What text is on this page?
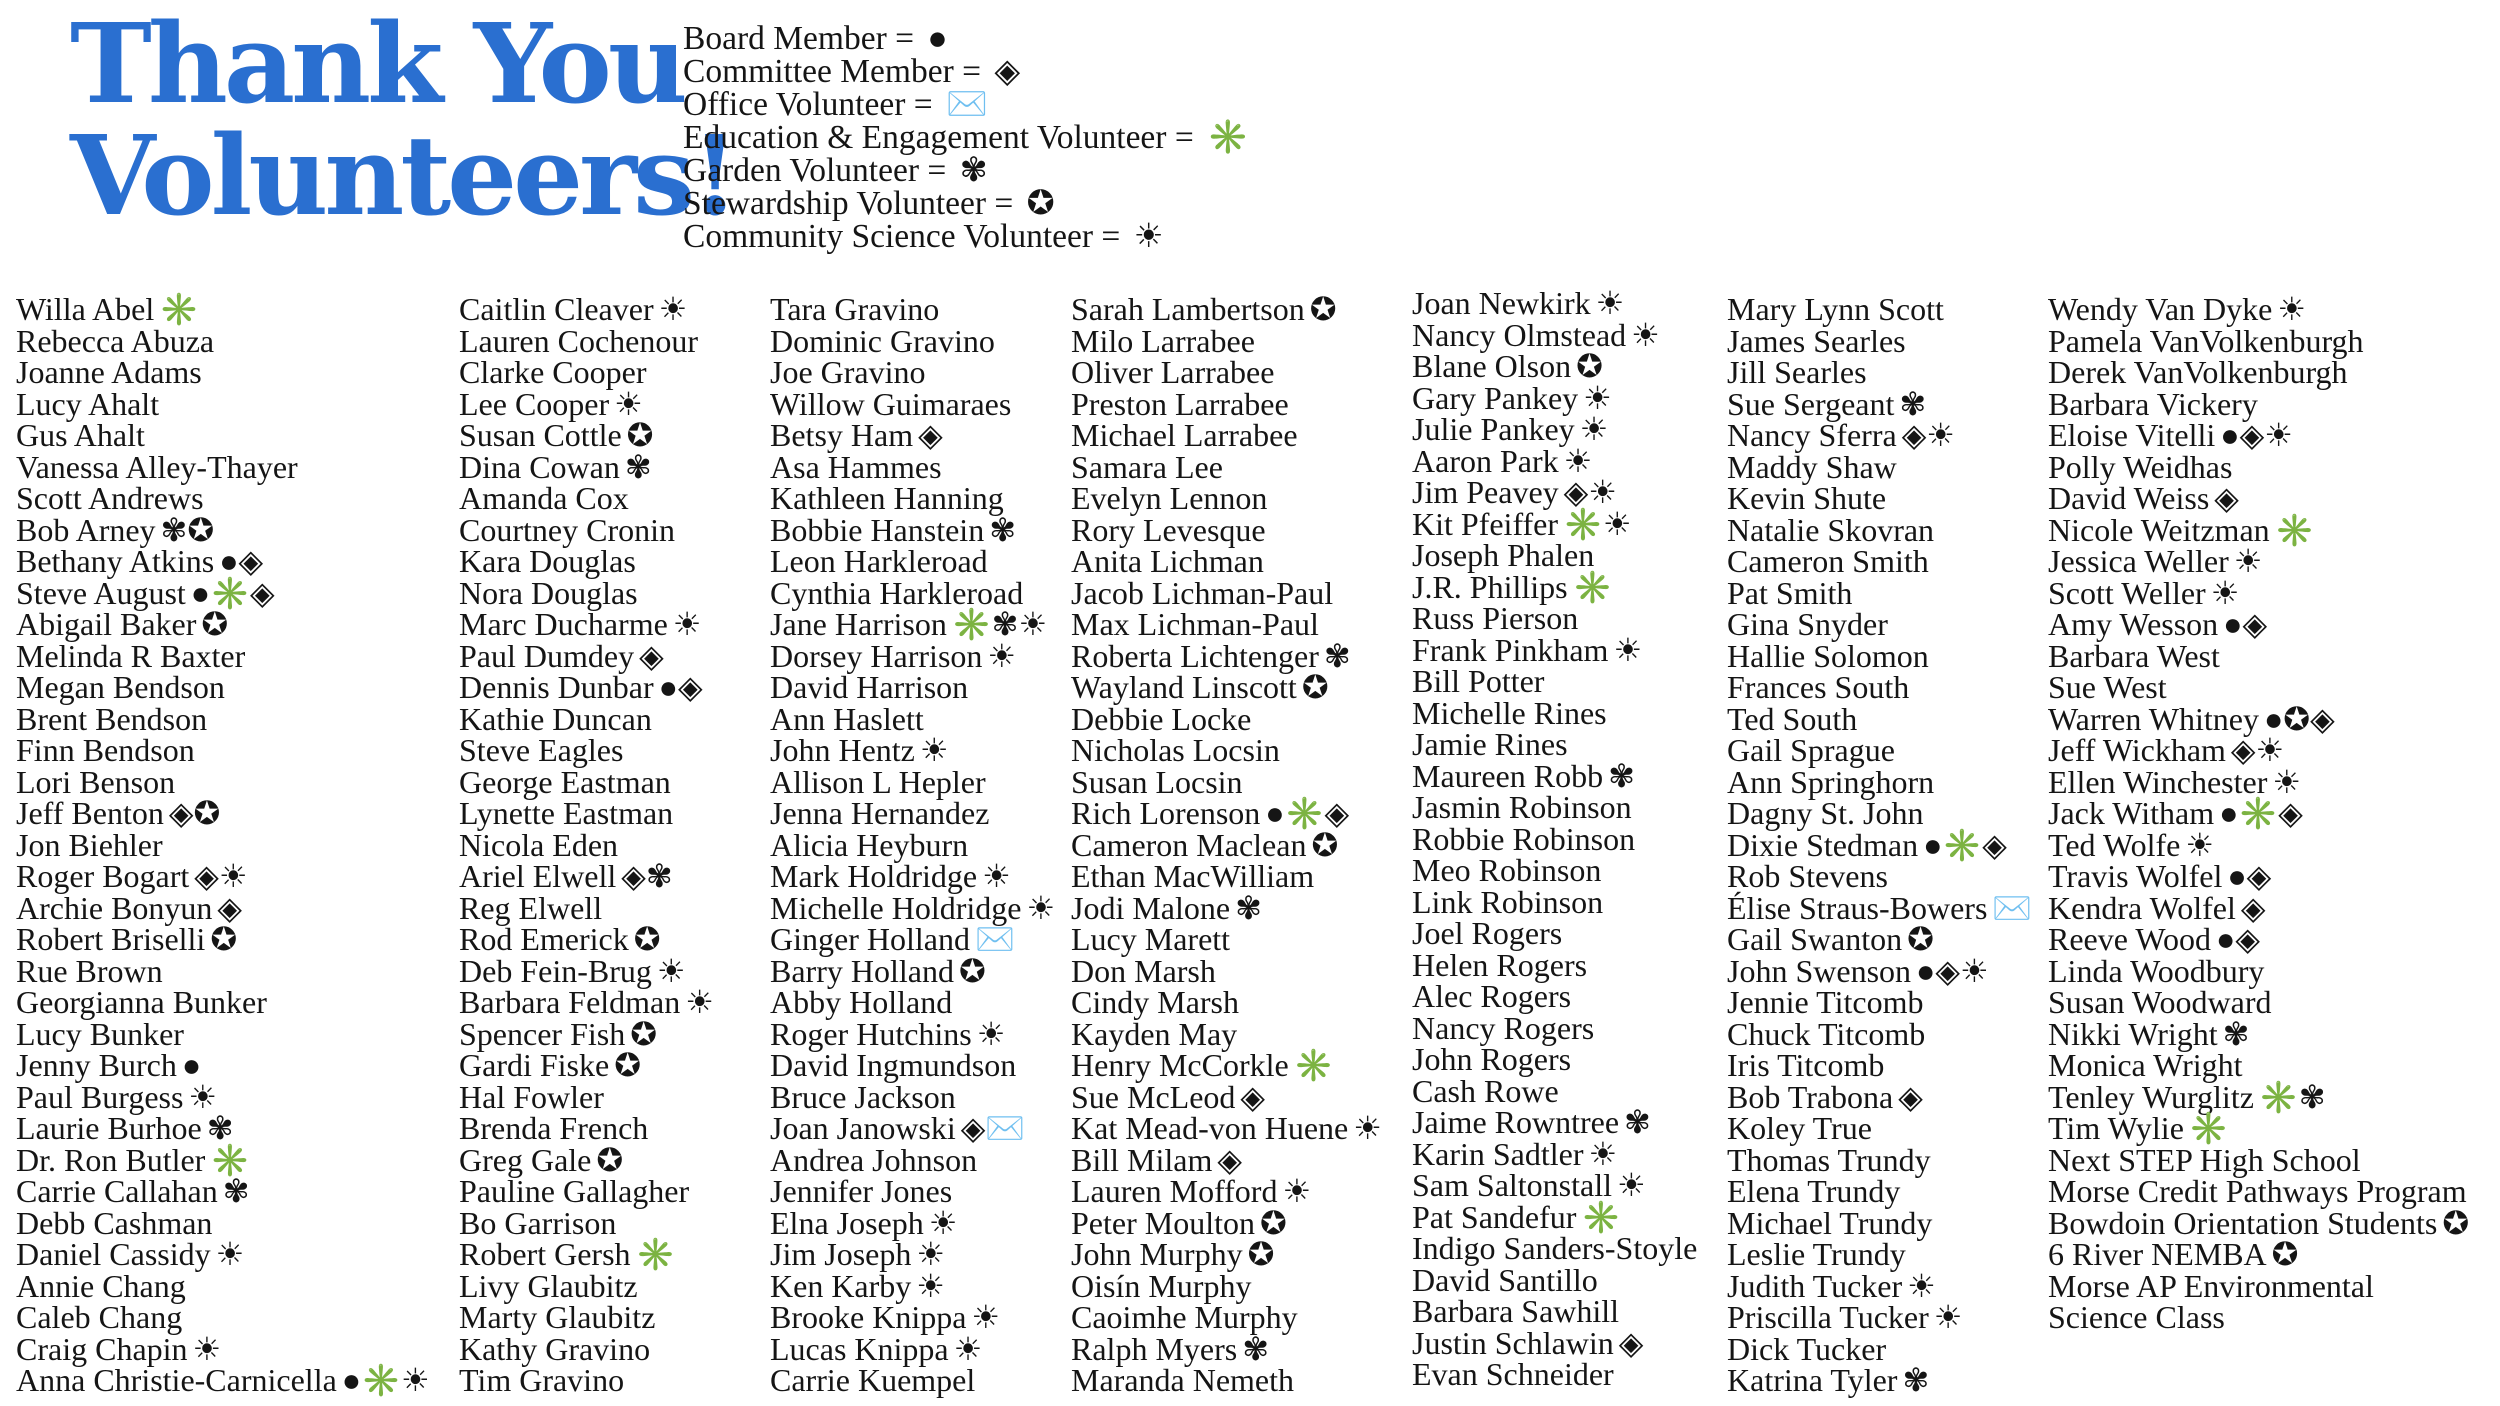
Thank You
Volunteers!
Board Member = ●
Committee Member = ◈
Office Volunteer = ✉️
Education & Engagement Volunteer = ✳️
Garden Volunteer = ✾
Stewardship Volunteer = ✪
Community Science Volunteer = ☀
Willa Abel ✳️
Rebecca Abuza
Joanne Adams
Lucy Ahalt
Gus Ahalt
Vanessa Alley-Thayer
Scott Andrews
Bob Arney ✾✪
Bethany Atkins ●◈
Steve August ●✳️◈
Abigail Baker ✪
Melinda R Baxter
Megan Bendson
Brent Bendson
Finn Bendson
Lori Benson
Jeff Benton ◈✪
Jon Biehler
Roger Bogart ◈☀
Archie Bonyun ◈
Robert Briselli ✪
Rue Brown
Georgianna Bunker
Lucy Bunker
Jenny Burch ●
Paul Burgess ☀
Laurie Burhoe ✾
Dr. Ron Butler ✳️
Carrie Callahan ✾
Debb Cashman
Daniel Cassidy ☀
Annie Chang
Caleb Chang
Craig Chapin ☀
Anna Christie-Carnicella ●✳️☀
Caitlin Cleaver ☀
Lauren Cochenour
Clarke Cooper
Lee Cooper ☀
Susan Cottle ✪
Dina Cowan ✾
Amanda Cox
Courtney Cronin
Kara Douglas
Nora Douglas
Marc Ducharme ☀
Paul Dumdey ◈
Dennis Dunbar ●◈
Kathie Duncan
Steve Eagles
George Eastman
Lynette Eastman
Nicola Eden
Ariel Elwell ◈✾
Reg Elwell
Rod Emerick ✪
Deb Fein-Brug ☀
Barbara Feldman ☀
Spencer Fish ✪
Gardi Fiske ✪
Hal Fowler
Brenda French
Greg Gale ✪
Pauline Gallagher
Bo Garrison
Robert Gersh ✳️
Livy Glaubitz
Marty Glaubitz
Kathy Gravino
Tim Gravino
Tara Gravino
Dominic Gravino
Joe Gravino
Willow Guimaraes
Betsy Ham ◈
Asa Hammes
Kathleen Hanning
Bobbie Hanstein ✾
Leon Harkleroad
Cynthia Harkleroad
Jane Harrison ✳️✾☀
Dorsey Harrison ☀
David Harrison
Ann Haslett
John Hentz ☀
Allison L Hepler
Jenna Hernandez
Alicia Heyburn
Mark Holdridge ☀
Michelle Holdridge ☀
Ginger Holland ✉️
Barry Holland ✪
Abby Holland
Roger Hutchins ☀
David Ingmundson
Bruce Jackson
Joan Janowski ◈✉️
Andrea Johnson
Jennifer Jones
Elna Joseph ☀
Jim Joseph ☀
Ken Karby ☀
Brooke Knippa ☀
Lucas Knippa ☀
Carrie Kuempel
Sarah Lambertson ✪
Milo Larrabee
Oliver Larrabee
Preston Larrabee
Michael Larrabee
Samara Lee
Evelyn Lennon
Rory Levesque
Anita Lichman
Jacob Lichman-Paul
Max Lichman-Paul
Roberta Lichtenger ✾
Wayland Linscott ✪
Debbie Locke
Nicholas Locsin
Susan Locsin
Rich Lorenson ●✳️◈
Cameron Maclean ✪
Ethan MacWilliam
Jodi Malone ✾
Lucy Marett
Don Marsh
Cindy Marsh
Kayden May
Henry McCorkle ✳️
Sue McLeod ◈
Kat Mead-von Huene ☀
Bill Milam ◈
Lauren Mofford ☀
Peter Moulton ✪
John Murphy ✪
Oisín Murphy
Caoimhe Murphy
Ralph Myers ✾
Maranda Nemeth
Joan Newkirk ☀
Nancy Olmstead ☀
Blane Olson ✪
Gary Pankey ☀
Julie Pankey ☀
Aaron Park ☀
Jim Peavey ◈☀
Kit Pfeiffer ✳️☀
Joseph Phalen
J.R. Phillips ✳️
Russ Pierson
Frank Pinkham ☀
Bill Potter
Michelle Rines
Jamie Rines
Maureen Robb ✾
Jasmin Robinson
Robbie Robinson
Meo Robinson
Link Robinson
Joel Rogers
Helen Rogers
Alec Rogers
Nancy Rogers
John Rogers
Cash Rowe
Jaime Rowntree ✾
Karin Sadtler ☀
Sam Saltonstall ☀
Pat Sandefur ✳️
Indigo Sanders-Stoyle
David Santillo
Barbara Sawhill
Justin Schlawin ◈
Evan Schneider
Mary Lynn Scott
James Searles
Jill Searles
Sue Sergeant ✾
Nancy Sferra ◈☀
Maddy Shaw
Kevin Shute
Natalie Skovran
Cameron Smith
Pat Smith
Gina Snyder
Hallie Solomon
Frances South
Ted South
Gail Sprague
Ann Springhorn
Dagny St. John
Dixie Stedman ●✳️◈
Rob Stevens
Élise Straus-Bowers ✉️
Gail Swanton ✪
John Swenson ●◈☀
Jennie Titcomb
Chuck Titcomb
Iris Titcomb
Bob Trabona ◈
Koley True
Thomas Trundy
Elena Trundy
Michael Trundy
Leslie Trundy
Judith Tucker ☀
Priscilla Tucker ☀
Dick Tucker
Katrina Tyler ✾
Wendy Van Dyke ☀
Pamela VanVolkenburgh
Derek VanVolkenburgh
Barbara Vickery
Eloise Vitelli ●◈☀
Polly Weidhas
David Weiss ◈
Nicole Weitzman ✳️
Jessica Weller ☀
Scott Weller ☀
Amy Wesson ●◈
Barbara West
Sue West
Warren Whitney ●✪◈
Jeff Wickham ◈☀
Ellen Winchester ☀
Jack Witham ●✳️◈
Ted Wolfe ☀
Travis Wolfel ●◈
Kendra Wolfel ◈
Reeve Wood ●◈
Linda Woodbury
Susan Woodward
Nikki Wright ✾
Monica Wright
Tenley Wurglitz ✳️✾
Tim Wylie ✳️
Next STEP High School
Morse Credit Pathways Program
Bowdoin Orientation Students ✪
6 River NEMBA ✪
Morse AP Environmental
Science Class
